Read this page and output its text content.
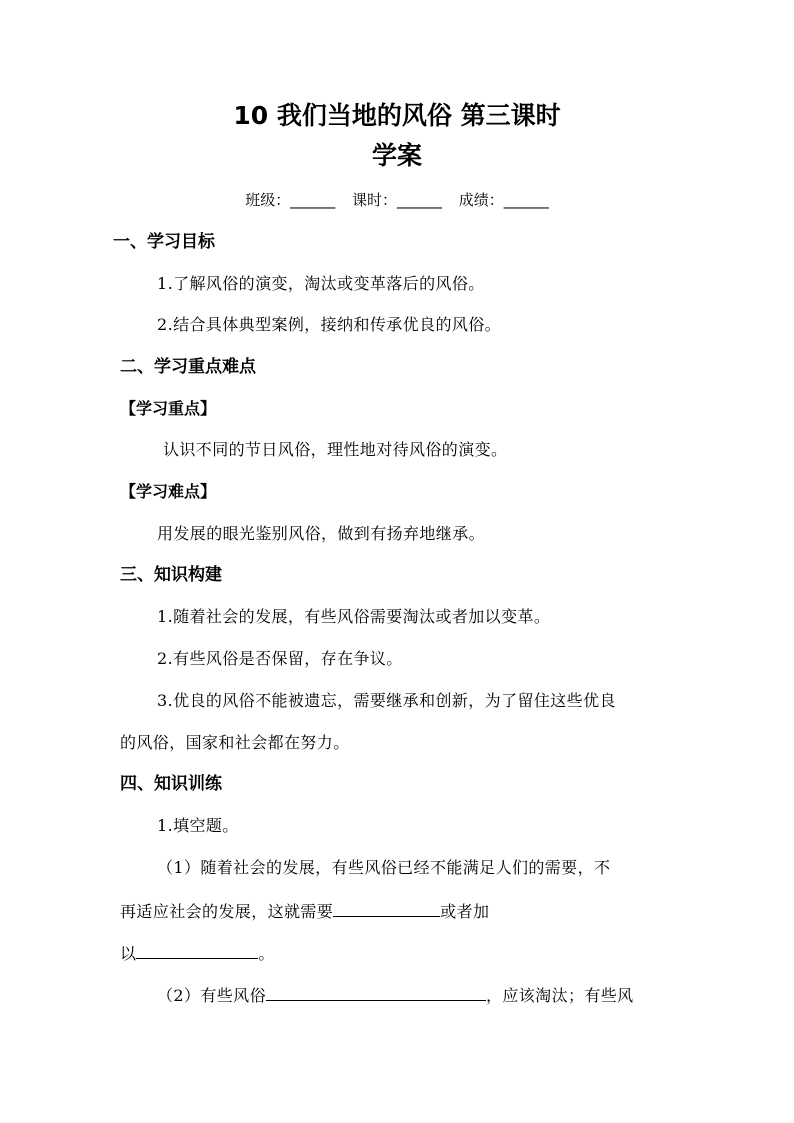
10 我们当地的风俗 第三课时
学案
班级：______ 课时：______ 成绩：______
一、学习目标
1.了解风俗的演变，淘汰或变革落后的风俗。
2.结合具体典型案例，接纳和传承优良的风俗。
二、学习重点难点
【学习重点】
认识不同的节日风俗，理性地对待风俗的演变。
【学习难点】
用发展的眼光鉴别风俗，做到有扬弃地继承。
三、知识构建
1.随着社会的发展，有些风俗需要淘汰或者加以变革。
2.有些风俗是否保留，存在争议。
3.优良的风俗不能被遗忘，需要继承和创新，为了留住这些优良
的风俗，国家和社会都在努力。
四、知识训练
1.填空题。
（1）随着社会的发展，有些风俗已经不能满足人们的需要，不
再适应社会的发展，这就需要	或者加
以	。
（2）有些风俗	，应该淘汰；有些风
